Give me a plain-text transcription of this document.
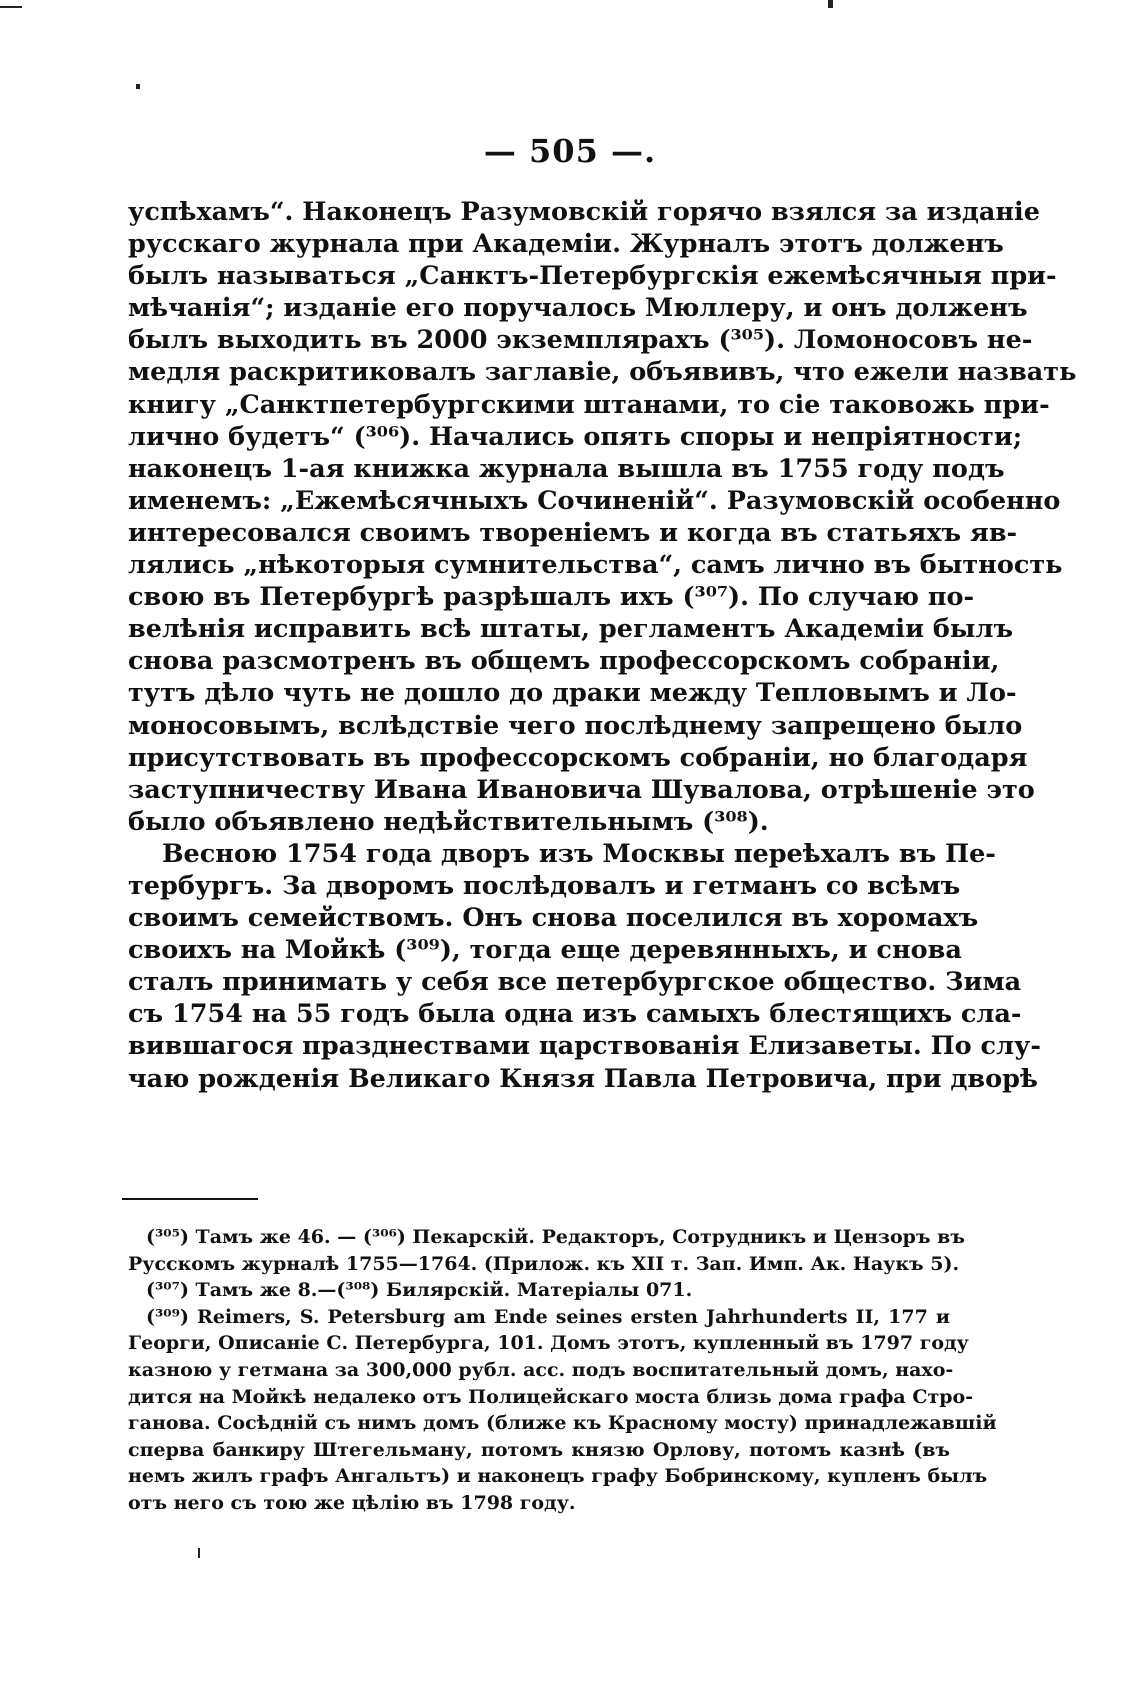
— 505 —.
успѣхамъ“. Наконецъ Разумовскій горячо взялся за изданіе
русскаго журнала при Академіи. Журналъ этотъ долженъ
былъ называться „Санктъ-Петербургскія ежемѣсячныя при-
мѣчанія“; изданіе его поручалось Мюллеру, и онъ долженъ
былъ выходить въ 2000 экземплярахъ (³⁰⁵). Ломоносовъ не-
медля раскритиковалъ заглавіе, объявивъ, что ежели назвать
книгу „Санктпетербургскими штанами, то сіе таковожь при-
лично будетъ“ (³⁰⁶). Начались опять споры и непріятности;
наконецъ 1-ая книжка журнала вышла въ 1755 году подъ
именемъ: „Ежемѣсячныхъ Сочиненій“. Разумовскій особенно
интересовался своимъ твореніемъ и когда въ статьяхъ яв-
лялись „нѣкоторыя сумнительства“, самъ лично въ бытность
свою въ Петербургѣ разрѣшалъ ихъ (³⁰⁷). По случаю по-
велѣнія исправить всѣ штаты, регламентъ Академіи былъ
снова разсмотренъ въ общемъ профессорскомъ собраніи,
тутъ дѣло чуть не дошло до драки между Тепловымъ и Ло-
моносовымъ, вслѣдствіе чего послѣднему запрещено было
присутствовать въ профессорскомъ собраніи, но благодаря
заступничеству Ивана Ивановича Шувалова, отрѣшеніе это
было объявлено недѣйствительнымъ (³⁰⁸).
Весною 1754 года дворъ изъ Москвы переѣхалъ въ Пе-
тербургъ. За дворомъ послѣдовалъ и гетманъ со всѣмъ
своимъ семействомъ. Онъ снова поселился въ хоромахъ
своихъ на Мойкѣ (³⁰⁹), тогда еще деревянныхъ, и снова
сталъ принимать у себя все петербургское общество. Зима
съ 1754 на 55 годъ была одна изъ самыхъ блестящихъ сла-
вившагося празднествами царствованія Елизаветы. По слу-
чаю рожденія Великаго Князя Павла Петровича, при дворѣ
(³⁰⁵) Тамъ же 46. — (³⁰⁶) Пекарскій. Редакторъ, Сотрудникъ и Цензоръ въ
Русскомъ журналѣ 1755—1764. (Прилож. къ XII т. Зап. Имп. Ак. Наукъ 5).
(³⁰⁷) Тамъ же 8.—(³⁰⁸) Билярскій. Матеріалы 071.
(³⁰⁹) Reimers, S. Petersburg am Ende seines ersten Jahrhunderts II, 177 и
Георги, Описаніе С. Петербурга, 101. Домъ этотъ, купленный въ 1797 году
казною у гетмана за 300,000 рубл. асс. подъ воспитательный домъ, нахо-
дится на Мойкѣ недалеко отъ Полицейскаго моста близь дома графа Стро-
ганова. Сосѣдній съ нимъ домъ (ближе къ Красному мосту) принадлежавшій
сперва банкиру Штегельману, потомъ князю Орлову, потомъ казнѣ (въ
немъ жилъ графъ Ангальтъ) и наконецъ графу Бобринскому, купленъ былъ
отъ него съ тою же цѣлію въ 1798 году.
